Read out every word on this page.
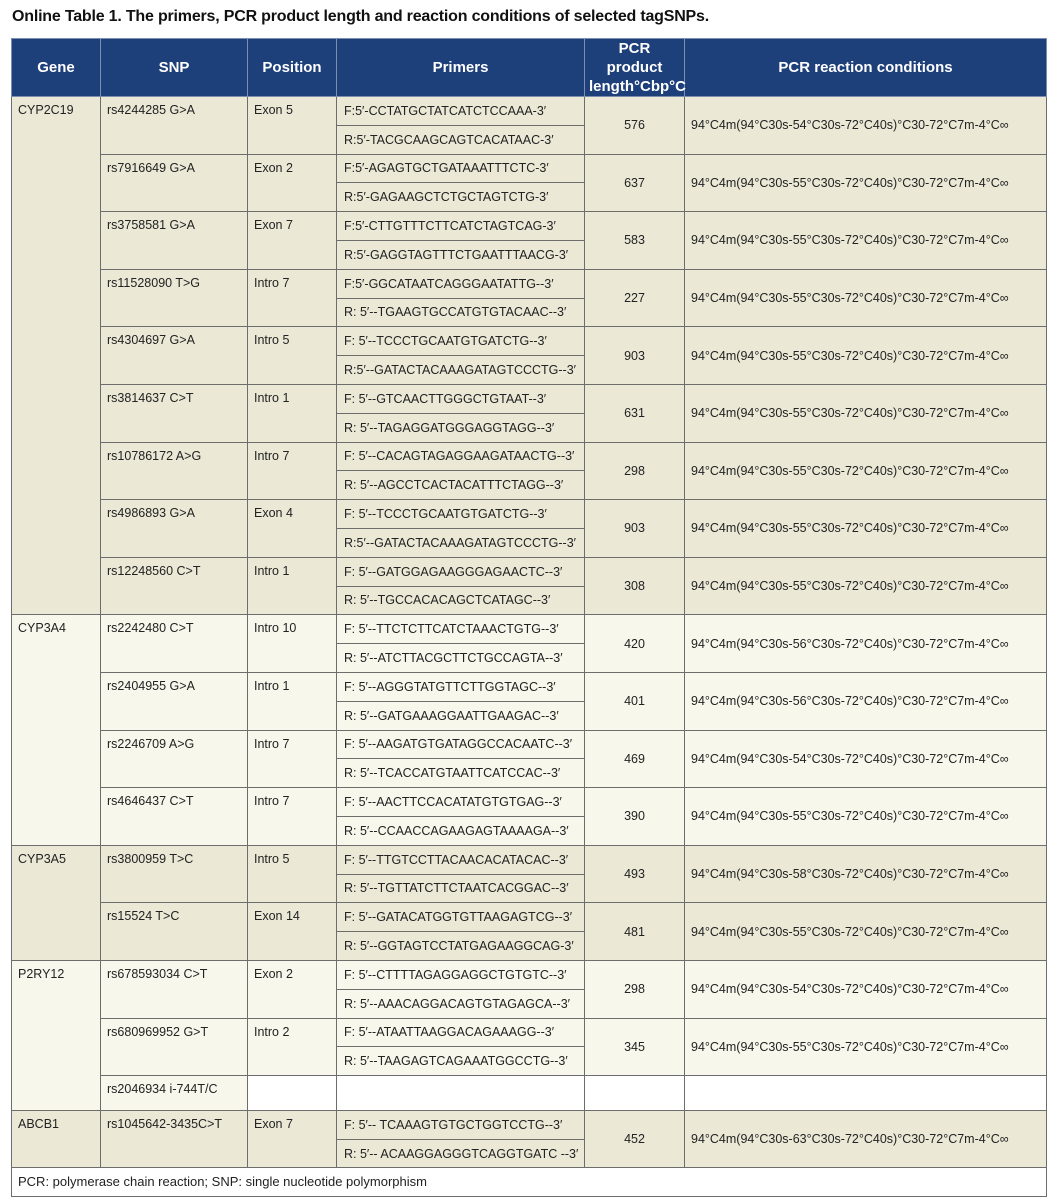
Online Table 1. The primers, PCR product length and reaction conditions of selected tagSNPs.
Gene	SNP	Position	Primers	PCR product length°Cbp°C	PCR reaction conditions
CYP2C19	rs4244285 G>A	Exon 5	F:5′-CCTATGCTATCATCTCCAAA-3′	576	94°C4m(94°C30s-54°C30s-72°C40s)°C30-72°C7m-4°C∞
			R:5′-TACGCAAGCAGTCACATAAC-3′		
	rs7916649 G>A	Exon 2	F:5′-AGAGTGCTGATAAATTTCTC-3′	637	94°C4m(94°C30s-55°C30s-72°C40s)°C30-72°C7m-4°C∞
			R:5′-GAGAAGCTCTGCTAGTCTG-3′		
	rs3758581 G>A	Exon 7	F:5′-CTTGTTTCTTCATCTAGTCAG-3′	583	94°C4m(94°C30s-55°C30s-72°C40s)°C30-72°C7m-4°C∞
			R:5′-GAGGTAGTTTCTGAATTTAACG-3′		
	rs11528090 T>G	Intro 7	F:5′-GGCATAATCAGGGAATATTG--3′	227	94°C4m(94°C30s-55°C30s-72°C40s)°C30-72°C7m-4°C∞
			R: 5′--TGAAGTGCCATGTGTACAAC--3′		
	rs4304697 G>A	Intro 5	F: 5′--TCCCTGCAATGTGATCTG--3′	903	94°C4m(94°C30s-55°C30s-72°C40s)°C30-72°C7m-4°C∞
			R:5′--GATACTACAAAGATAGTCCCTG--3′		
	rs3814637 C>T	Intro 1	F: 5′--GTCAACTTGGGCTGTAAT--3′	631	94°C4m(94°C30s-55°C30s-72°C40s)°C30-72°C7m-4°C∞
			R: 5′--TAGAGGATGGGAGGTAGG--3′		
	rs10786172 A>G	Intro 7	F: 5′--CACAGTAGAGGAAGATAACTG--3′	298	94°C4m(94°C30s-55°C30s-72°C40s)°C30-72°C7m-4°C∞
			R: 5′--AGCCTCACTACATTTCTAGG--3′		
	rs4986893 G>A	Exon 4	F: 5′--TCCCTGCAATGTGATCTG--3′	903	94°C4m(94°C30s-55°C30s-72°C40s)°C30-72°C7m-4°C∞
			R:5′--GATACTACAAAGATAGTCCCTG--3′		
	rs12248560 C>T	Intro 1	F: 5′--GATGGAGAAGGGAGAACTC--3′	308	94°C4m(94°C30s-55°C30s-72°C40s)°C30-72°C7m-4°C∞
			R: 5′--TGCCACACAGCTCATAGC--3′		
CYP3A4	rs2242480 C>T	Intro 10	F: 5′--TTCTCTTCATCTAAACTGTG--3′	420	94°C4m(94°C30s-56°C30s-72°C40s)°C30-72°C7m-4°C∞
			R: 5′--ATCTTACGCTTCTGCCAGTA--3′		
	rs2404955 G>A	Intro 1	F: 5′--AGGGTATGTTCTTGGTAGC--3′	401	94°C4m(94°C30s-56°C30s-72°C40s)°C30-72°C7m-4°C∞
			R: 5′--GATGAAAGGAATTGAAGAC--3′		
	rs2246709 A>G	Intro 7	F: 5′--AAGATGTGATAGGCCACAATC--3′	469	94°C4m(94°C30s-54°C30s-72°C40s)°C30-72°C7m-4°C∞
			R: 5′--TCACCATGTAATTCATCCAC--3′		
	rs4646437 C>T	Intro 7	F: 5′--AACTTCCACATATGTGTGAG--3′	390	94°C4m(94°C30s-55°C30s-72°C40s)°C30-72°C7m-4°C∞
			R: 5′--CCAACCAGAAGAGTAAAAGA--3′		
CYP3A5	rs3800959 T>C	Intro 5	F: 5′--TTGTCCTTACAACACATACAC--3′	493	94°C4m(94°C30s-58°C30s-72°C40s)°C30-72°C7m-4°C∞
			R: 5′--TGTTATCTTCTAATCACGGAC--3′		
	rs15524 T>C	Exon 14	F: 5′--GATACATGGTGTTAAGAGTCG--3′	481	94°C4m(94°C30s-55°C30s-72°C40s)°C30-72°C7m-4°C∞
			R: 5′--GGTAGTCCTATGAGAAGGCAG-3′		
P2RY12	rs678593034 C>T	Exon 2	F: 5′--CTTTTAGAGGAGGCTGTGTC--3′	298	94°C4m(94°C30s-54°C30s-72°C40s)°C30-72°C7m-4°C∞
			R: 5′--AAACAGGACAGTGTAGAGCA--3′		
	rs680969952 G>T	Intro 2	F: 5′--ATAATTAAGGACAGAAAGG--3′	345	94°C4m(94°C30s-55°C30s-72°C40s)°C30-72°C7m-4°C∞
			R: 5′--TAAGAGTCAGAAATGGCCTG--3′		
	rs2046934 i-744T/C				
ABCB1	rs1045642-3435C>T	Exon 7	F: 5′-- TCAAAGTGTGCTGGTCCTG--3′	452	94°C4m(94°C30s-63°C30s-72°C40s)°C30-72°C7m-4°C∞
			R: 5′-- ACAAGGAGGGTCAGGTGATC --3′		
PCR: polymerase chain reaction; SNP: single nucleotide polymorphism					
